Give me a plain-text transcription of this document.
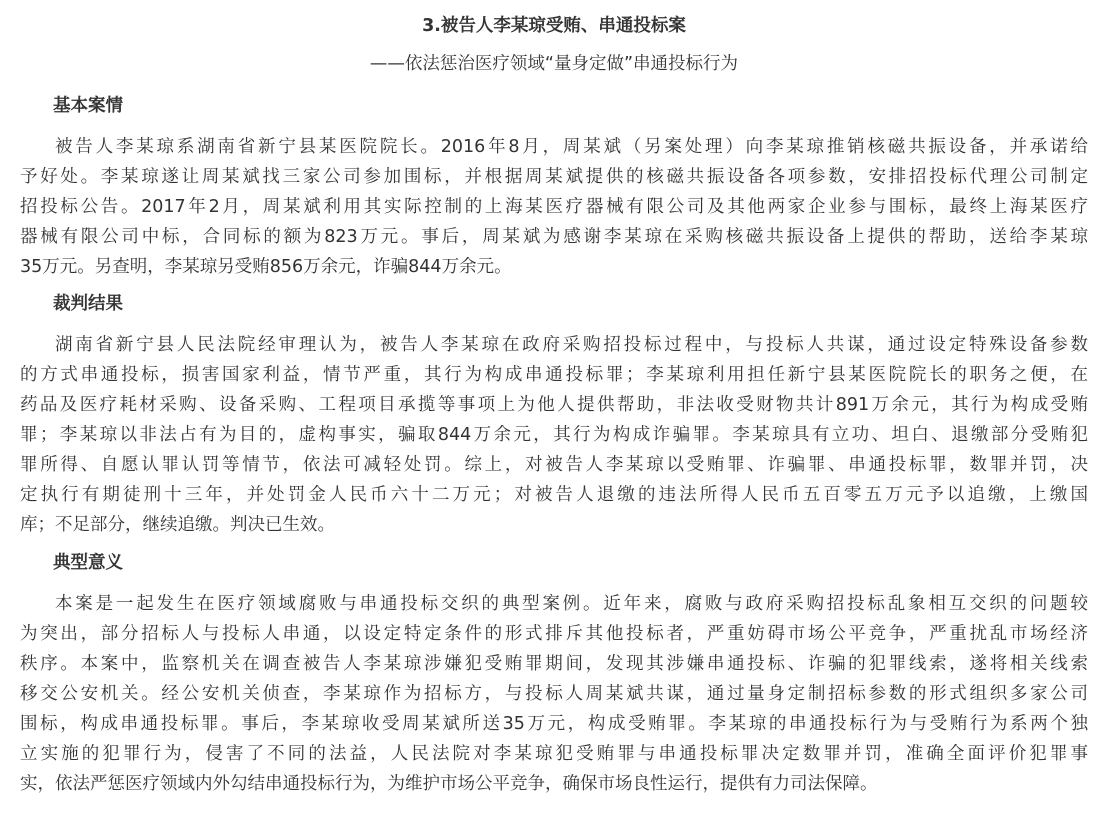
3.被告人李某琼受贿、串通投标案

——依法惩治医疗领域“量身定做”串通投标行为

基本案情
被告人李某琼系湖南省新宁县某医院院长。2016年8月，周某斌（另案处理）向李某琼推销核磁共振设备，并承诺给
予好处。李某琼遂让周某斌找三家公司参加围标，并根据周某斌提供的核磁共振设备各项参数，安排招投标代理公司制定
招投标公告。2017年2月，周某斌利用其实际控制的上海某医疗器械有限公司及其他两家企业参与围标，最终上海某医疗
器械有限公司中标，合同标的额为823万元。事后，周某斌为感谢李某琼在采购核磁共振设备上提供的帮助，送给李某琼
35万元。另查明，李某琼另受贿856万余元，诈骗844万余元。
裁判结果
湖南省新宁县人民法院经审理认为，被告人李某琼在政府采购招投标过程中，与投标人共谋，通过设定特殊设备参数
的方式串通投标，损害国家利益，情节严重，其行为构成串通投标罪；李某琼利用担任新宁县某医院院长的职务之便，在
药品及医疗耗材采购、设备采购、工程项目承揽等事项上为他人提供帮助，非法收受财物共计891万余元，其行为构成受贿
罪；李某琼以非法占有为目的，虚构事实，骗取844万余元，其行为构成诈骗罪。李某琼具有立功、坦白、退缴部分受贿犯
罪所得、自愿认罪认罚等情节，依法可减轻处罚。综上，对被告人李某琼以受贿罪、诈骗罪、串通投标罪，数罪并罚，决
定执行有期徒刑十三年，并处罚金人民币六十二万元；对被告人退缴的违法所得人民币五百零五万元予以追缴，上缴国
库；不足部分，继续追缴。判决已生效。
典型意义
本案是一起发生在医疗领域腐败与串通投标交织的典型案例。近年来，腐败与政府采购招投标乱象相互交织的问题较
为突出，部分招标人与投标人串通，以设定特定条件的形式排斥其他投标者，严重妨碍市场公平竞争，严重扰乱市场经济
秩序。本案中，监察机关在调查被告人李某琼涉嫌犯受贿罪期间，发现其涉嫌串通投标、诈骗的犯罪线索，遂将相关线索
移交公安机关。经公安机关侦查，李某琼作为招标方，与投标人周某斌共谋，通过量身定制招标参数的形式组织多家公司
围标，构成串通投标罪。事后，李某琼收受周某斌所送35万元，构成受贿罪。李某琼的串通投标行为与受贿行为系两个独
立实施的犯罪行为，侵害了不同的法益，人民法院对李某琼犯受贿罪与串通投标罪决定数罪并罚，准确全面评价犯罪事
实，依法严惩医疗领域内外勾结串通投标行为，为维护市场公平竞争，确保市场良性运行，提供有力司法保障。
